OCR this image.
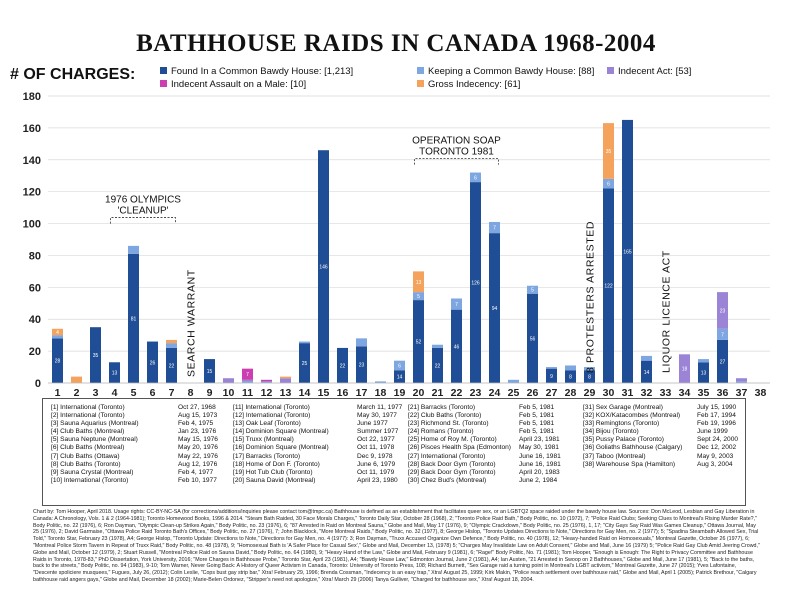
BATHHOUSE RAIDS IN CANADA 1968-2004
# OF CHARGES:	Found In a Common Bawdy House: [1,213]	Keeping a Common Bawdy House: [88]	Indecent Act: [53]
Indecent Assault on a Male: [10]	Gross Indecency: [61]
0
20
40
60
80
100
120
140
160
180
1 2 3 4 5 6 7 8 9 10 11 12 13 14 15 16 17 18 19 20 21 22 23 24 25 26 27 28 29 30 31 32 33 34 35 36 37 38
28
4
35
13
81
26
22
15
7
25
146
22	23
14
6
52
5
13
22
46
7
126
6
94
7
56
5
9	8	8
122
6
35
165
14
18
13
27
7
23
1976 OLYMPICS
'CLEANUP'
OPERATION SOAP
TORONTO 1981
SEARCH WARRANT	8 PROTESTERS ARRESTED	LIQUOR LICENCE ACT
[1] International (Toronto)	Oct 27, 1968
[2] International (Toronto)	Aug 15, 1973
[3] Sauna Aquarius (Montreal)	Feb 4, 1975
[4] Club Baths (Montreal)	Jan 23, 1976
[5] Sauna Neptune (Montreal)	May 15, 1976
[6] Club Baths (Montreal)	May 20, 1976
[7] Club Baths (Ottawa)	May 22, 1976
[8] Club Baths (Toronto)	Aug 12, 1976
[9] Sauna Crystal (Montreal)	Feb 4, 1977
[10] International (Toronto)	Feb 10, 1977
[11] International (Toronto)	March 11, 1977
[12] International (Toronto)	May 30, 1977
[13] Oak Leaf (Toronto)	June 1977
[14] Dominion Square (Montreal)	Summer 1977
[15] Truxx (Montreal)	Oct 22, 1977
[16] Dominion Square (Montreal)	Oct 11, 1978
[17] Barracks (Toronto)	Dec 9, 1978
[18] Home of Don F. (Toronto)	June 6, 1979
[19] Hot Tub Club (Toronto)	Oct 11, 1979
[20] Sauna David (Montreal)	April 23, 1980
[21] Barracks (Toronto)	Feb 5, 1981
[22] Club Baths (Toronto)	Feb 5, 1981
[23] Richmond St. (Toronto)	Feb 5, 1981
[24] Romans (Toronto)	Feb 5, 1981
[25] Home of Roy M. (Toronto)	April 23, 1981
[26] Pisces Health Spa (Edmonton) May 30, 1981
[27] International (Toronto)	June 16, 1981
[28] Back Door Gym (Toronto)	June 16, 1981
[29] Back Door Gym (Toronto)	April 20, 1983
[30] Chez Bud's (Montreal)	June 2, 1984
[31] Sex Garage (Montreal)	July 15, 1990
[32] KOX/Katacombes (Montreal)	Feb 17, 1994
[33] Remingtons (Toronto)	Feb 19, 1996
[34] Bijou (Toronto)	June 1999
[35] Pussy Palace (Toronto)	Sept 24, 2000
[36] Goliaths Bathhouse (Calgary) Dec 12, 2002
[37] Taboo (Montreal)	May 9, 2003
[38] Warehouse Spa (Hamilton)	Aug 3, 2004
Chart by: Tom Hooper, April 2018. Usage rights: CC-BY-NC-SA (for corrections/additions/inquiries please contact tom@tmpc.ca) Bathhouse is defined as an establishment that facilitates queer sex, or an LGBTQ2 space raided under the bawdy house law. Sources: Don McLeod, Lesbian and Gay Liberation in Canada: A Chronology, Vols. 1 & 2 (1964-1981); Toronto Homewood Books, 1996 & 2014. "Steam Bath Raided, 30 Face Morals Charges," Toronto Daily Star, October 28 (1968), 2; "Toronto Police Raid Bath," Body Politic, no. 10 (1972), 7; "Police Raid Clubs; Seeking Clues to Montreal's Rising Murder Rate?," Body Politic, no. 22 (1976), 6; Ron Dayman, "Olympic Clean-up Strikes Again," Body Politic, no. 23 (1976), 6; "87 Arrested in Raid on Montreal Sauna," Globe and Mail, May 17 (1976), 9; "Olympic Crackdown," Body Politic, no. 25 (1976), 1, 17; "City Gays Say Raid Was Games Cleanup," Ottawa Journal, May 25 (1976), 2; David Garmaise, "Ottawa Police Raid Toronto Bath's Offices," Body Politic, no. 27 (1976), 7; John Blacklock, "More Montreal Raids," Body Politic, no. 32 (1977), 8; George Hislop, "Toronto Updates Directions to Note," Directions for Gay Men, no. 2 (1977); 5; "Spadina Steambath Allowed Sex, Trial Told," Toronto Star, February 23 (1978), A4; George Hislop, "Toronto Update: Directions to Note," Directions for Gay Men, no. 4 (1977): 3; Ron Dayman, "Truxx Accused Organize Own Defence," Body Politic, no. 40 (1978), 12; "Heavy-handed Raid on Homosexuals," Montreal Gazette, October 26 (1977), 6; "Montreal Police Storm Tavern in Repeat of Truxx Raid," Body Politic, no. 48 (1978), 9; "Homosexual Bath is 'A Safer Place for Casual Sex'," Globe and Mail, December 13, (1978) 5; "Charges May Invalidate Law on Adult Consent," Globe and Mail, June 16 (1979) 5; "Police Raid Gay Club Amid Jeering Crowd," Globe and Mail, October 12 (1979), 2; Stuart Russell, "Montreal Police Raid on Sauna David," Body Politic, no. 64 (1980), 9; "Heavy Hand of the Law," Globe and Mail, February 9 (1981), 6; "Rage!" Body Politic, No. 71 (1981); Tom Hooper, "Enough is Enough: The Right to Privacy Committee and Bathhouse Raids in Toronto, 1978-83," PhD Dissertation, York University, 2016; "More Charges in Bathhouse Probe," Toronto Star, April 23 (1981), A4; "Bawdy House Law," Edmonton Journal, June 2 (1981), A4; Ian Austen, "21 Arrested in Swoop on 2 Bathhouses," Globe and Mail, June 17 (1981), 5; "Back to the baths, back to the streets," Body Politic, no. 94 (1983), 9-10; Tom Warner, Never Going Back: A History of Queer Activism in Canada, Toronto: University of Toronto Press, 108; Richard Burnett, "Sex Garage raid a turning point in Montreal's LGBT activism," Montreal Gazette, June 27 (2015); Yves Lafontaine, "Descente spoliciere musquees," Fugues, July 26, (2012); Colin Leslie, "Cops bust gay strip bar," Xtra! February 29, 1996; Brenda Cossman, "Indecency is an easy trap," Xtra! August 25, 1999; Kirk Makin, "Police reach settlement over bathhouse raid," Globe and Mail, April 1 (2005); Patrick Brethour, "Calgary bathhouse raid angers gays," Globe and Mail, December 18 (2002); Marie-Belen Ordonez, "Stripper's need not apologize," Xtra! March 29 (2006) Tanya Gulliver, "Charged for bathhouse sex," Xtra! August 18, 2004.
